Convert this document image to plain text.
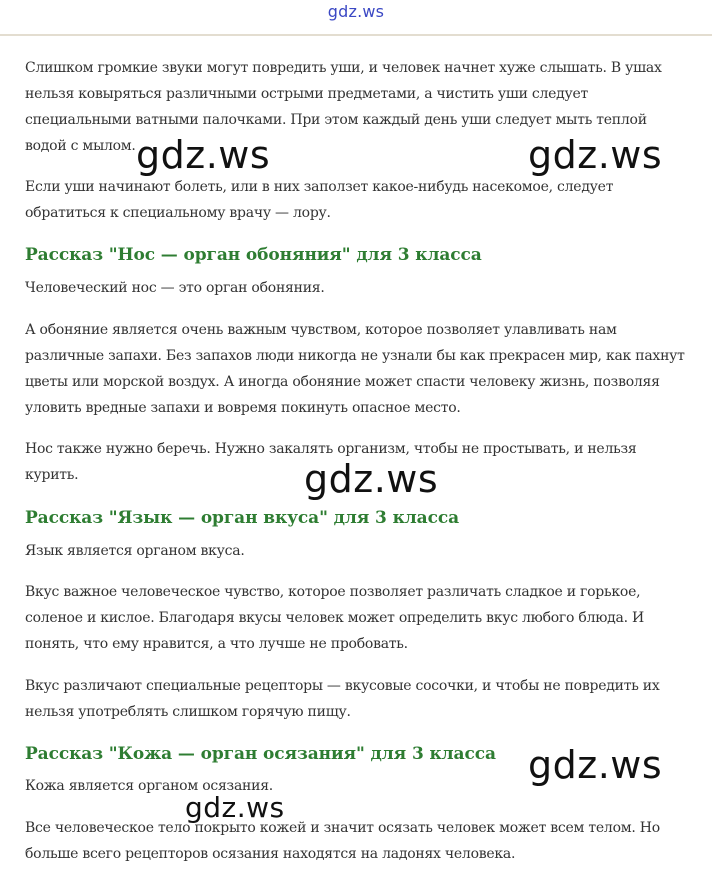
gdz.ws

Слишком громкие звуки могут повредить уши, и человек начнет хуже слышать. В ушах нельзя ковыряться различными острыми предметами, а чистить уши следует специальными ватными палочками. При этом каждый день уши следует мыть теплой водой с мылом.

Если уши начинают болеть, или в них заползет какое-нибудь насекомое, следует обратиться к специальному врачу — лору.

Рассказ "Нос — орган обоняния" для 3 класса

Человеческий нос — это орган обоняния.

А обоняние является очень важным чувством, которое позволяет улавливать нам различные запахи. Без запахов люди никогда не узнали бы как прекрасен мир, как пахнут цветы или морской воздух. А иногда обоняние может спасти человеку жизнь, позволяя уловить вредные запахи и вовремя покинуть опасное место.

Нос также нужно беречь. Нужно закалять организм, чтобы не простывать, и нельзя курить.

Рассказ "Язык — орган вкуса" для 3 класса

Язык является органом вкуса.

Вкус важное человеческое чувство, которое позволяет различать сладкое и горькое, соленое и кислое. Благодаря вкусы человек может определить вкус любого блюда. И понять, что ему нравится, а что лучше не пробовать.

Вкус различают специальные рецепторы — вкусовые сосочки, и чтобы не повредить их нельзя употреблять слишком горячую пищу.

Рассказ "Кожа — орган осязания" для 3 класса

Кожа является органом осязания.

Все человеческое тело покрыто кожей и значит осязать человек может всем телом. Но больше всего рецепторов осязания находятся на ладонях человека.

gdz.ws	gdz.ws
gdz.ws
gdz.ws
gdz.ws
